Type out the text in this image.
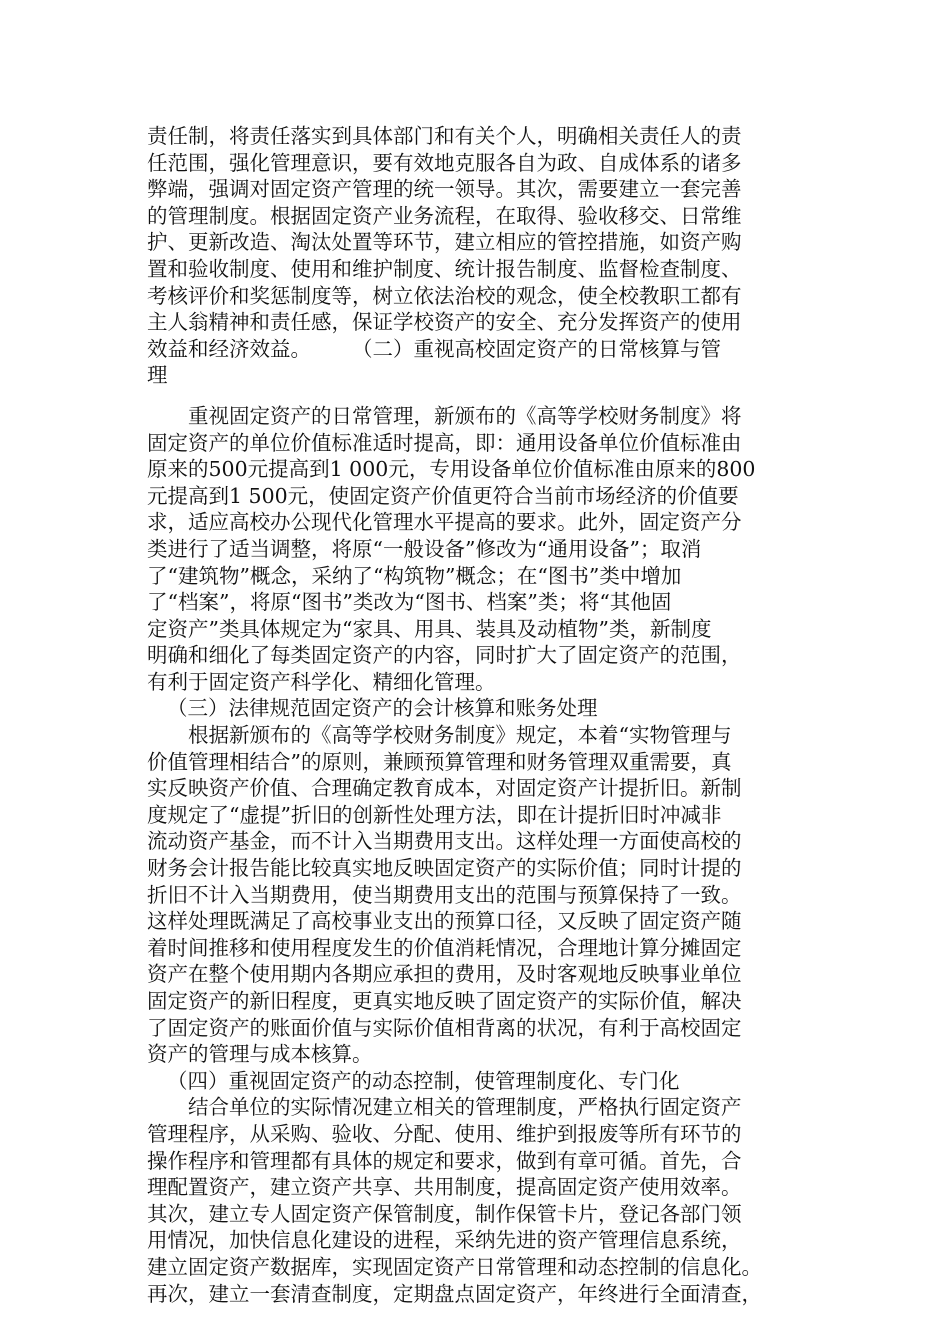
责任制，将责任落实到具体部门和有关个人，明确相关责任人的责
任范围，强化管理意识，要有效地克服各自为政、自成体系的诸多
弊端，强调对固定资产管理的统一领导。其次，需要建立一套完善
的管理制度。根据固定资产业务流程，在取得、验收移交、日常维
护、更新改造、淘汰处置等环节，建立相应的管控措施，如资产购
置和验收制度、使用和维护制度、统计报告制度、监督检查制度、
考核评价和奖惩制度等，树立依法治校的观念，使全校教职工都有
主人翁精神和责任感，保证学校资产的安全、充分发挥资产的使用
效益和经济效益。　　　（二）重视高校固定资产的日常核算与管
理
重视固定资产的日常管理，新颁布的《高等学校财务制度》将
固定资产的单位价值标准适时提高，即：通用设备单位价值标准由
原来的500元提高到1 000元，专用设备单位价值标准由原来的800
元提高到1 500元，使固定资产价值更符合当前市场经济的价值要
求，适应高校办公现代化管理水平提高的要求。此外，固定资产分
类进行了适当调整，将原“一般设备”修改为“通用设备”；取消
了“建筑物”概念，采纳了“构筑物”概念；在“图书”类中增加
了“档案”，将原“图书”类改为“图书、档案”类；将“其他固
定资产”类具体规定为“家具、用具、装具及动植物”类，新制度
明确和细化了每类固定资产的内容，同时扩大了固定资产的范围，
有利于固定资产科学化、精细化管理。
（三）法律规范固定资产的会计核算和账务处理
根据新颁布的《高等学校财务制度》规定，本着“实物管理与
价值管理相结合”的原则，兼顾预算管理和财务管理双重需要，真
实反映资产价值、合理确定教育成本，对固定资产计提折旧。新制
度规定了“虚提”折旧的创新性处理方法，即在计提折旧时冲减非
流动资产基金，而不计入当期费用支出。这样处理一方面使高校的
财务会计报告能比较真实地反映固定资产的实际价值；同时计提的
折旧不计入当期费用，使当期费用支出的范围与预算保持了一致。
这样处理既满足了高校事业支出的预算口径，又反映了固定资产随
着时间推移和使用程度发生的价值消耗情况，合理地计算分摊固定
资产在整个使用期内各期应承担的费用，及时客观地反映事业单位
固定资产的新旧程度，更真实地反映了固定资产的实际价值，解决
了固定资产的账面价值与实际价值相背离的状况，有利于高校固定
资产的管理与成本核算。
（四）重视固定资产的动态控制，使管理制度化、专门化
结合单位的实际情况建立相关的管理制度，严格执行固定资产
管理程序，从采购、验收、分配、使用、维护到报废等所有环节的
操作程序和管理都有具体的规定和要求，做到有章可循。首先，合
理配置资产，建立资产共享、共用制度，提高固定资产使用效率。
其次，建立专人固定资产保管制度，制作保管卡片，登记各部门领
用情况，加快信息化建设的进程，采纳先进的资产管理信息系统，
建立固定资产数据库，实现固定资产日常管理和动态控制的信息化。
再次，建立一套清查制度，定期盘点固定资产，年终进行全面清查，
